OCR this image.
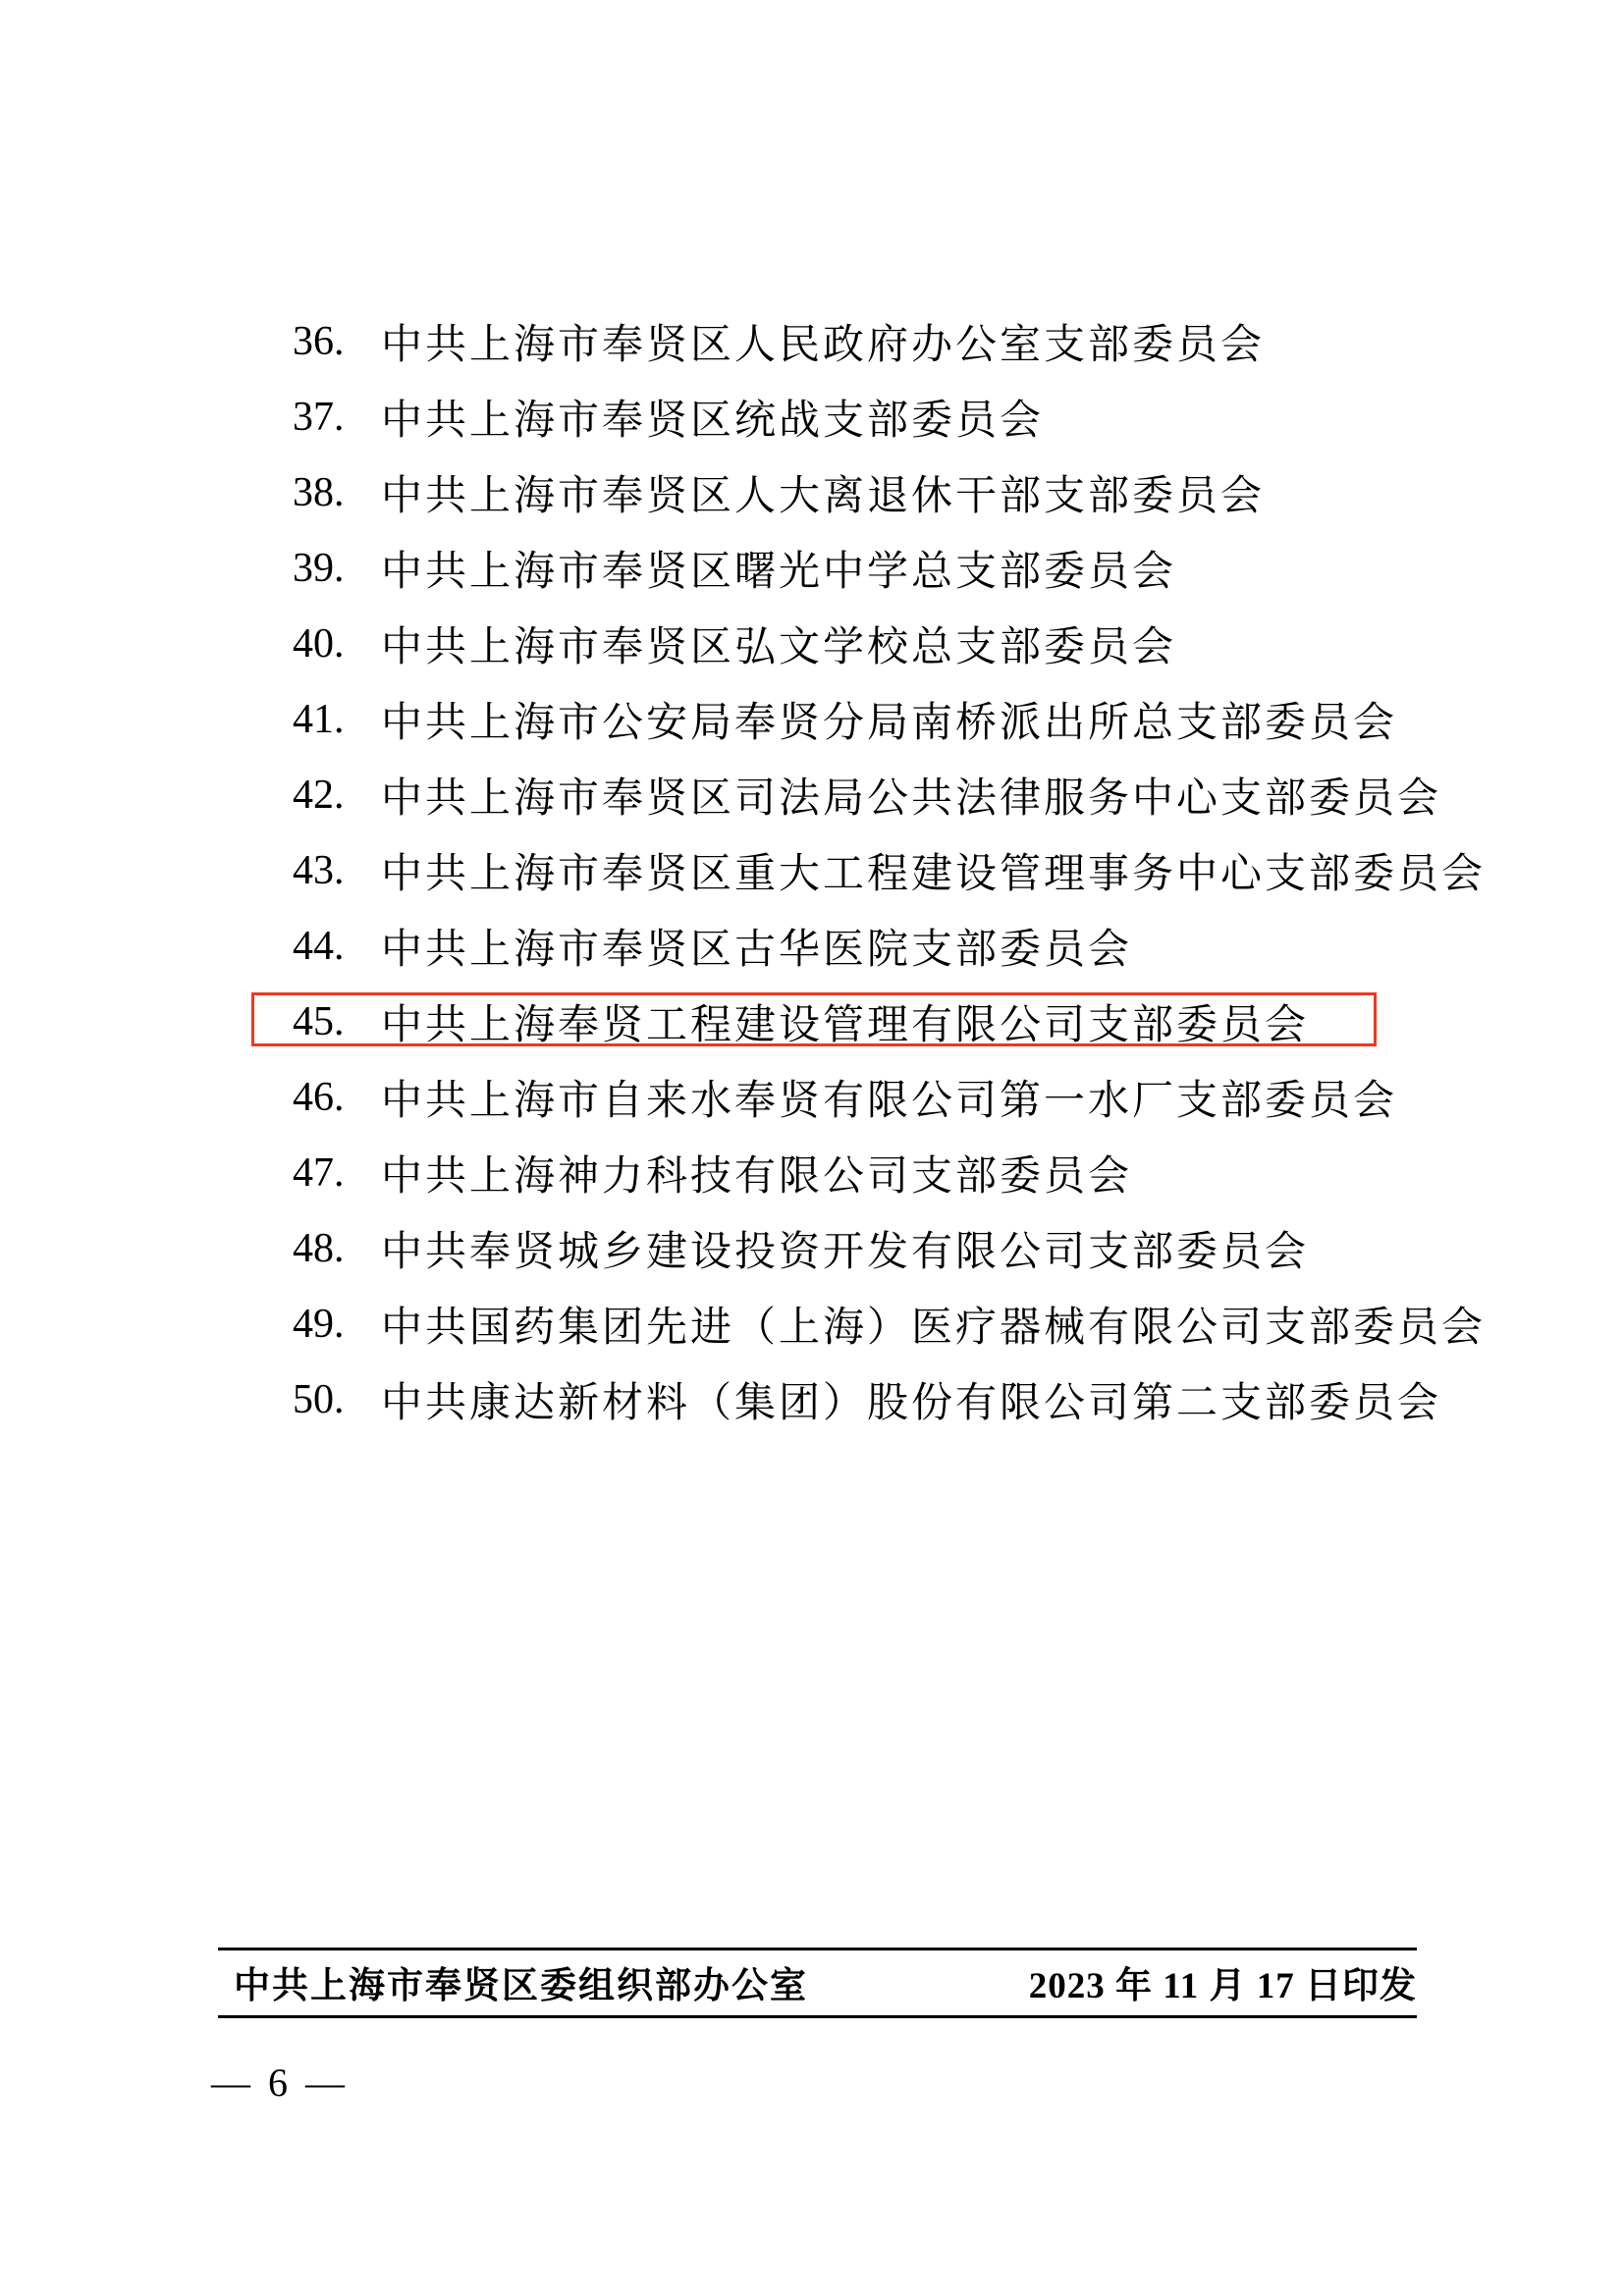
36. 中共上海市奉贤区人民政府办公室支部委员会
37. 中共上海市奉贤区统战支部委员会
38. 中共上海市奉贤区人大离退休干部支部委员会
39. 中共上海市奉贤区曙光中学总支部委员会
40. 中共上海市奉贤区弘文学校总支部委员会
41. 中共上海市公安局奉贤分局南桥派出所总支部委员会
42. 中共上海市奉贤区司法局公共法律服务中心支部委员会
43. 中共上海市奉贤区重大工程建设管理事务中心支部委员会
44. 中共上海市奉贤区古华医院支部委员会
45. 中共上海奉贤工程建设管理有限公司支部委员会
46. 中共上海市自来水奉贤有限公司第一水厂支部委员会
47. 中共上海神力科技有限公司支部委员会
48. 中共奉贤城乡建设投资开发有限公司支部委员会
49. 中共国药集团先进（上海）医疗器械有限公司支部委员会
50. 中共康达新材料（集团）股份有限公司第二支部委员会
中共上海市奉贤区委组织部办公室	2023 年 11 月 17 日印发
— 6 —
